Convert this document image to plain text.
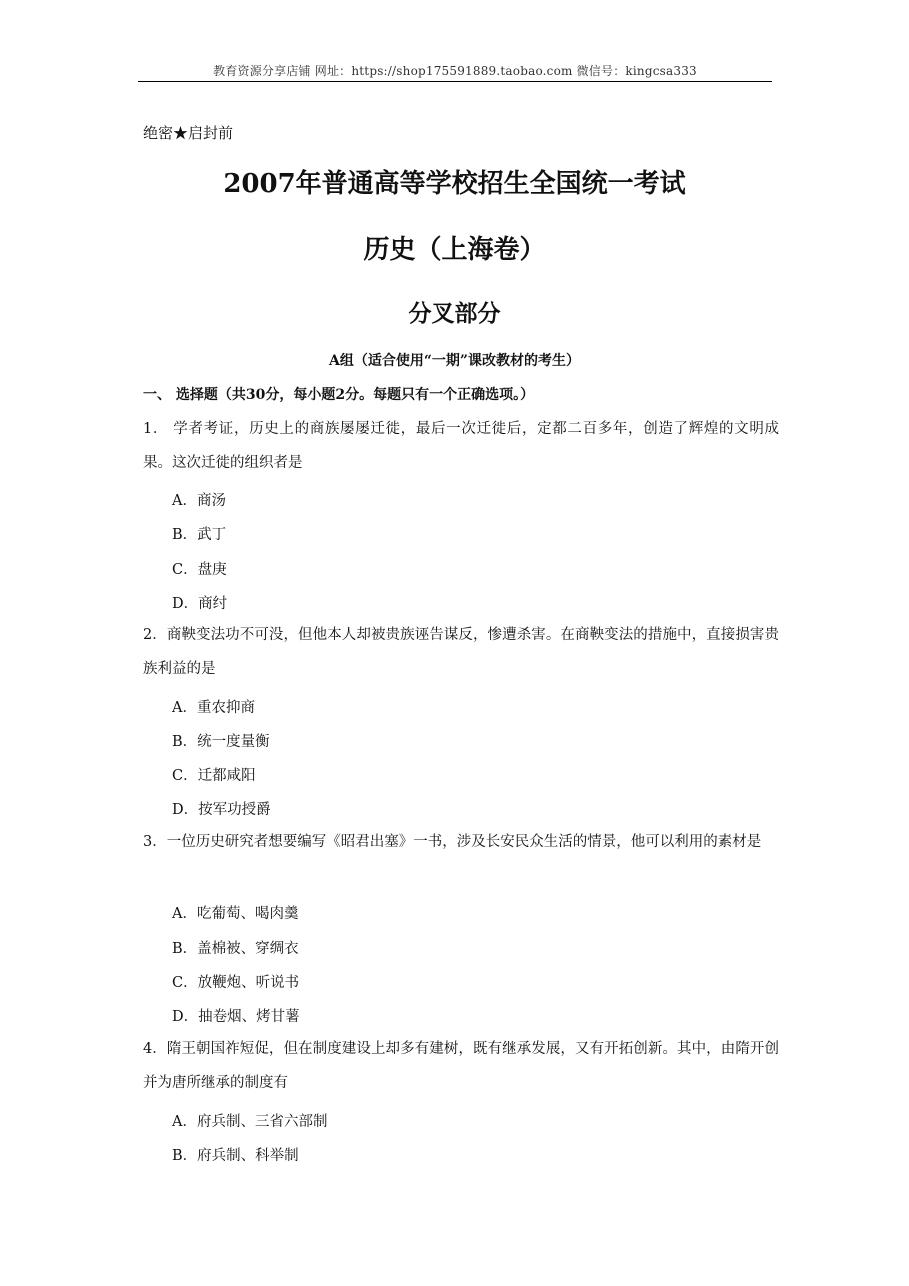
教育资源分享店铺 网址：https://shop175591889.taobao.com 微信号：kingcsa333
绝密★启封前
2007年普通高等学校招生全国统一考试
历史（上海卷）
分叉部分
A组（适合使用“一期”课改教材的考生）
一、 选择题（共30分，每小题2分。每题只有一个正确选项。）
1． 学者考证，历史上的商族屡屡迁徙，最后一次迁徙后，定都二百多年，创造了辉煌的文明成果。这次迁徙的组织者是
A．商汤
B．武丁
C．盘庚
D．商纣
2．商鞅变法功不可没，但他本人却被贵族诬告谋反，惨遭杀害。在商鞅变法的措施中，直接损害贵族利益的是
A．重农抑商
B．统一度量衡
C．迁都咸阳
D．按军功授爵
3．一位历史研究者想要编写《昭君出塞》一书，涉及长安民众生活的情景，他可以利用的素材是
A．吃葡萄、喝肉羹
B．盖棉被、穿绸衣
C．放鞭炮、听说书
D．抽卷烟、烤甘薯
4．隋王朝国祚短促，但在制度建设上却多有建树，既有继承发展，又有开拓创新。其中，由隋开创并为唐所继承的制度有
A．府兵制、三省六部制
B．府兵制、科举制
